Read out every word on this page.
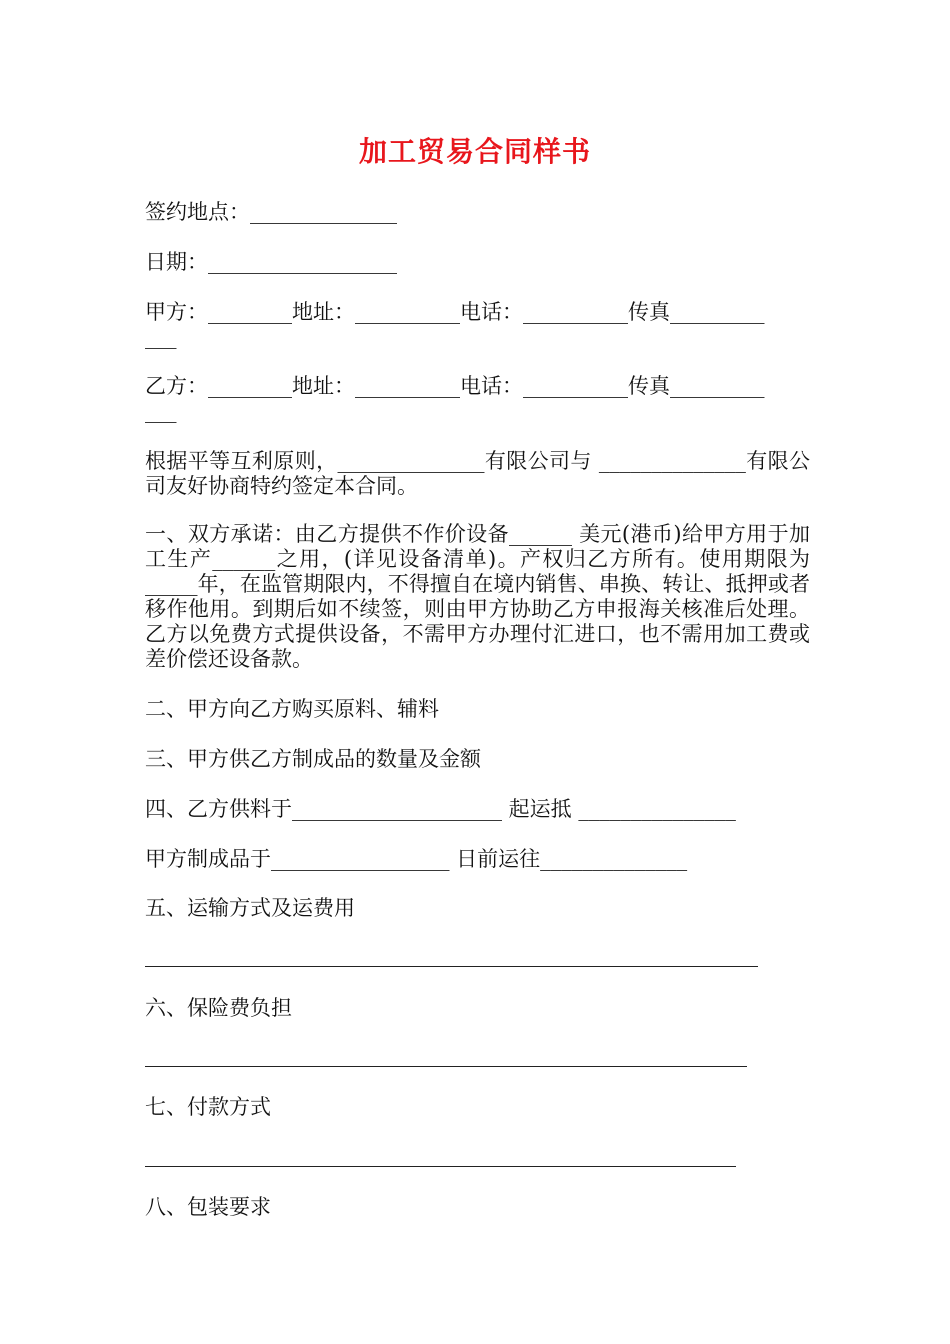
加工贸易合同样书
签约地点：______________
日期：__________________
甲方：________地址：__________电话：__________传真_________
___
乙方：________地址：__________电话：__________传真_________
___
根据平等互利原则，______________有限公司与 ______________有限公司友好协商特约签定本合同。
一、双方承诺：由乙方提供不作价设备______ 美元(港币)给甲方用于加工生产______之用，(详见设备清单)。产权归乙方所有。使用期限为_____年，在监管期限内，不得擅自在境内销售、串换、转让、抵押或者移作他用。到期后如不续签，则由甲方协助乙方申报海关核准后处理。乙方以免费方式提供设备，不需甲方办理付汇进口，也不需用加工费或差价偿还设备款。
二、甲方向乙方购买原料、辅料
三、甲方供乙方制成品的数量及金额
四、乙方供料于____________________ 起运抵 _______________
甲方制成品于_________________ 日前运往______________
五、运输方式及运费用
六、保险费负担
七、付款方式
八、包装要求
